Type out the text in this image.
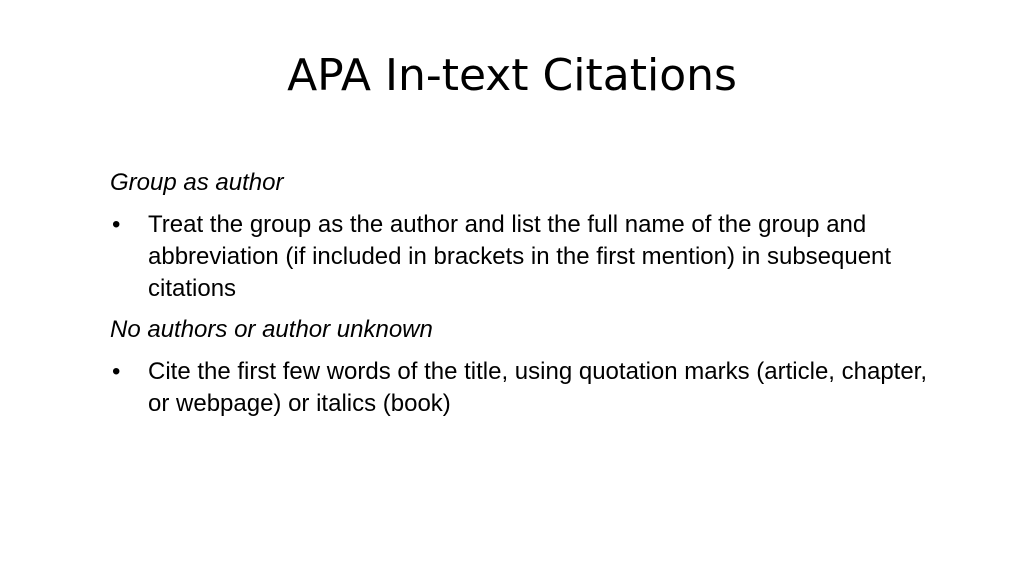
APA In-text Citations
Group as author
• Treat the group as the author and list the full name of the group and abbreviation (if included in brackets in the first mention) in subsequent citations
No authors or author unknown
• Cite the first few words of the title, using quotation marks (article, chapter, or webpage) or italics (book)
